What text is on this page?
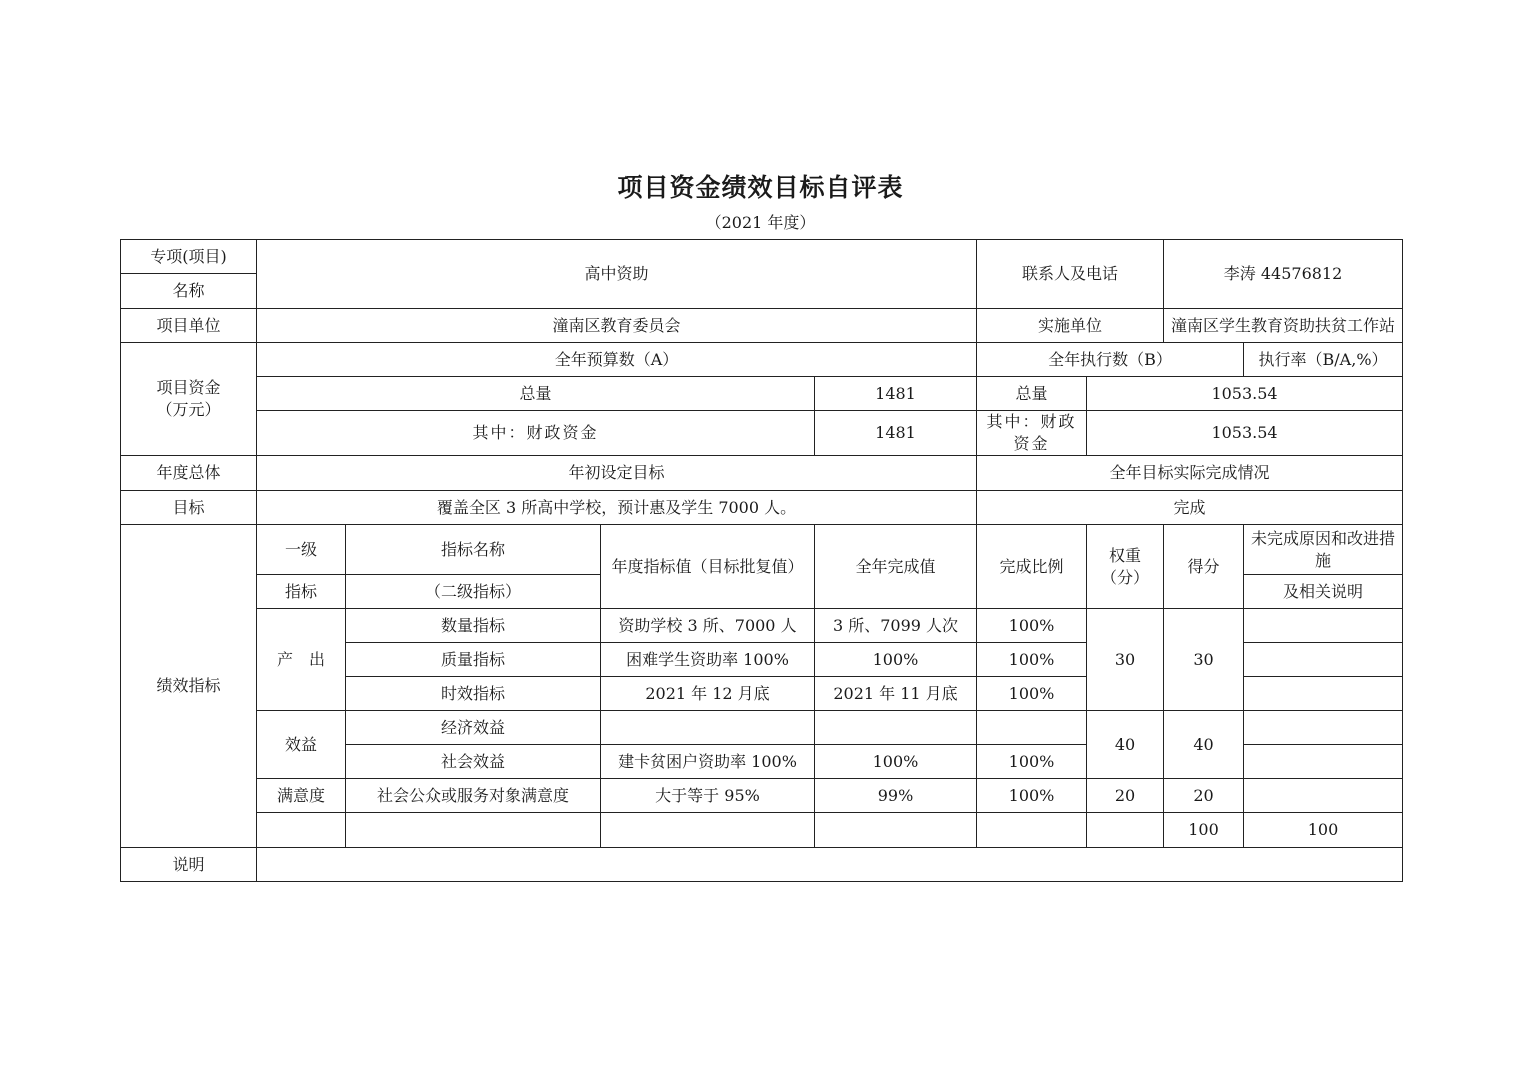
项目资金绩效目标自评表
（2021 年度）
专项(项目)	高中资助				联系人及电话		李涛 44576812		
名称									
项目单位	潼南区教育委员会				实施单位		潼南区学生教育资助扶贫工作站		

项目资金
（万元）	全年预算数（A）				全年执行数（B）			执行率（B/A,%）	
	总量			1481	总量	1053.54	
	其中：财政资金			1481	其中：财政资金	1053.54	
年度总体	年初设定目标				全年目标实际完成情况				
目标	覆盖全区 3 所高中学校，预计惠及学生 7000 人。				完成				
绩效指标	一级	指标名称	年度指标值（目标批复值）	全年完成值	完成比例	权重（分）	得分	未完成原因和改进措施	
	指标	（二级指标）						及相关说明	
	产　出	数量指标	资助学校 3 所、7000 人	3 所、7099 人次	100%	30	30		
		质量指标	困难学生资助率 100%	100%	100%				
		时效指标	2021 年 12 月底	2021 年 11 月底	100%				
	效益	经济效益				40	40		
		社会效益	建卡贫困户资助率 100%	100%	100%				
	满意度	社会公众或服务对象满意度	大于等于 95%	99%	100%	20	20		
							100	100	
说明									
